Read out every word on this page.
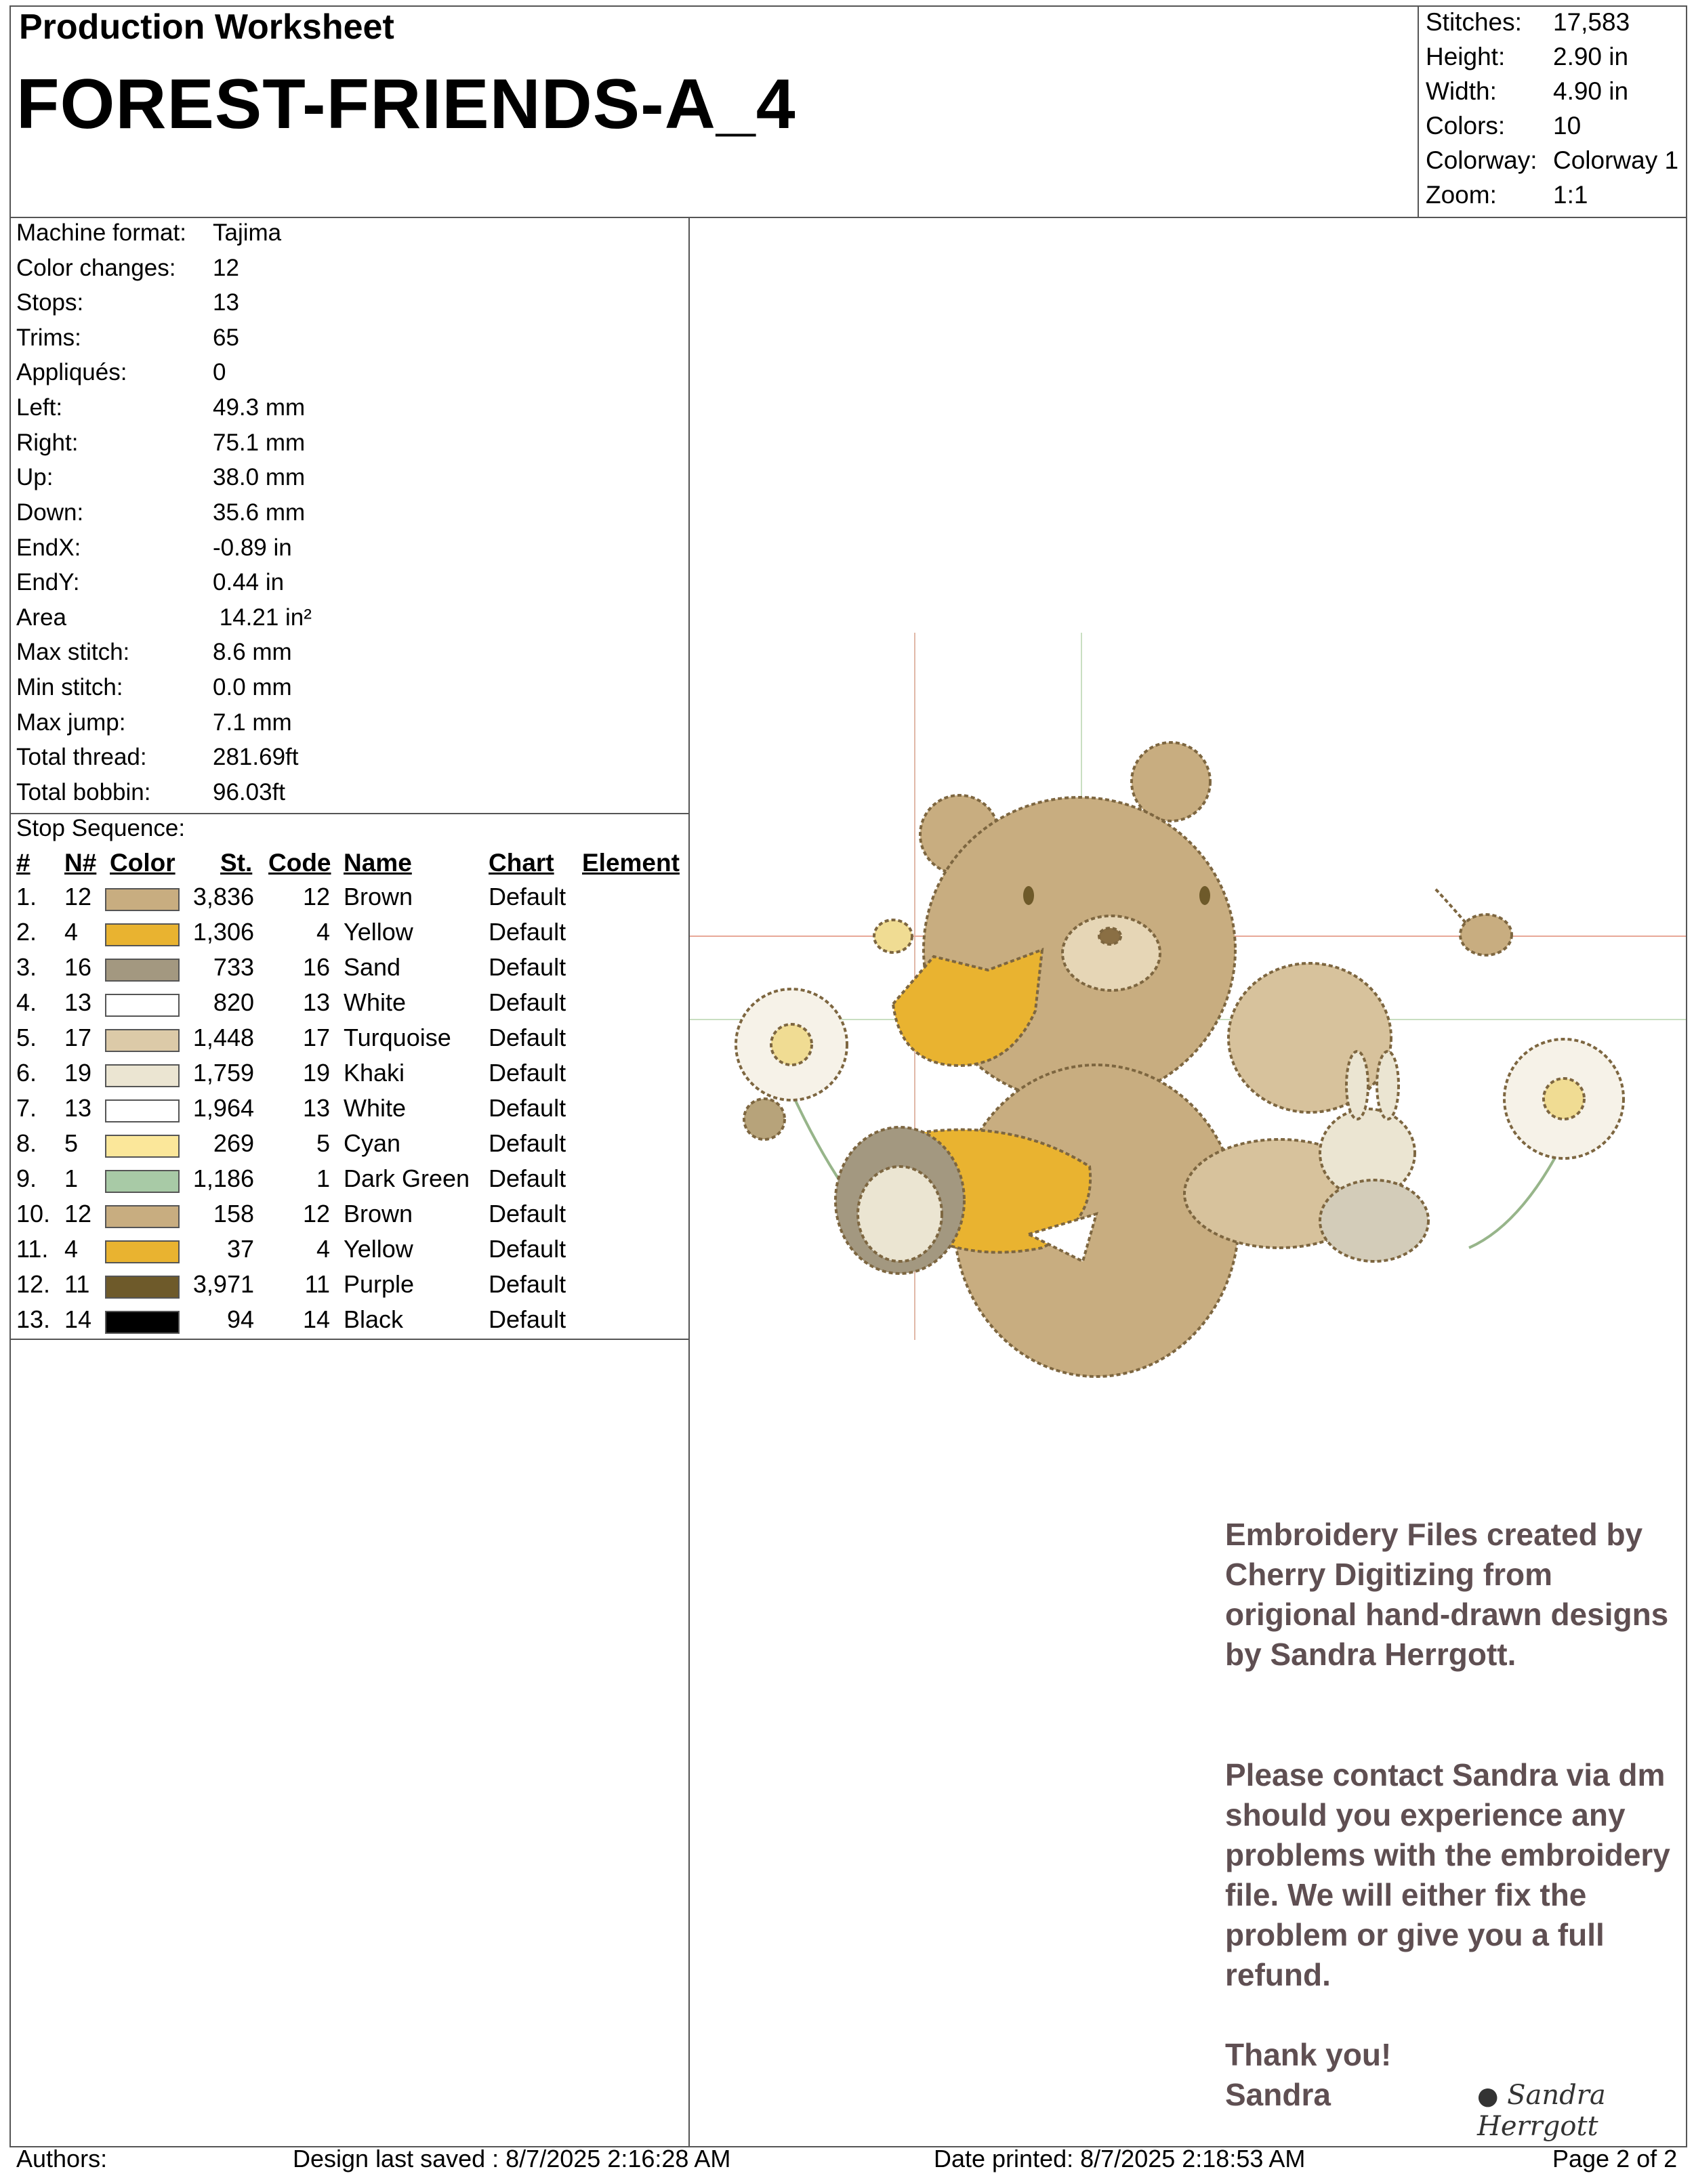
Production Worksheet
FOREST-FRIENDS-A_4
Stitches: 17,583
Height: 2.90 in
Width: 4.90 in
Colors: 10
Colorway: Colorway 1
Zoom: 1:1
Machine format: Tajima
Color changes: 12
Stops:	13
Trims:	65
Appliqués:	0
Left:	49.3 mm
Right:	75.1 mm
Up:	38.0 mm
Down:	35.6 mm
EndX:	-0.89 in
EndY:	0.44 in
Area	14.21 in²
Max stitch:	8.6 mm
Min stitch:	0.0 mm
Max jump:	7.1 mm
Total thread:	281.69ft
Total bobbin:	96.03ft
Stop Sequence:
# N# Color St. Code Name	Chart Element
1. 12	3,836 12 Brown	Default
2. 4	1,306	4 Yellow	Default
3. 16	733 16 Sand	Default
4. 13	820 13 White	Default
5. 17	1,448 17 Turquoise Default
6. 19	1,759 19 Khaki	Default
7. 13	1,964 13 White	Default
8. 5	269	5 Cyan	Default
9. 1	1,186	1 Dark Green Default
10. 12	158 12 Brown	Default
11. 4	37	4 Yellow	Default
12. 11	3,971 11 Purple	Default
13. 14	94 14 Black	Default
Embroidery Files created by Cherry Digitizing from origional hand-drawn designs by Sandra Herrgott.
Please contact Sandra via dm should you experience any problems with the embroidery file. We will either fix the problem or give you a full refund.
Thank you!
Sandra	● Sandra Herrgott
Authors:	Design last saved : 8/7/2025 2:16:28 AM	Date printed: 8/7/2025 2:18:53 AM	Page 2 of 2
